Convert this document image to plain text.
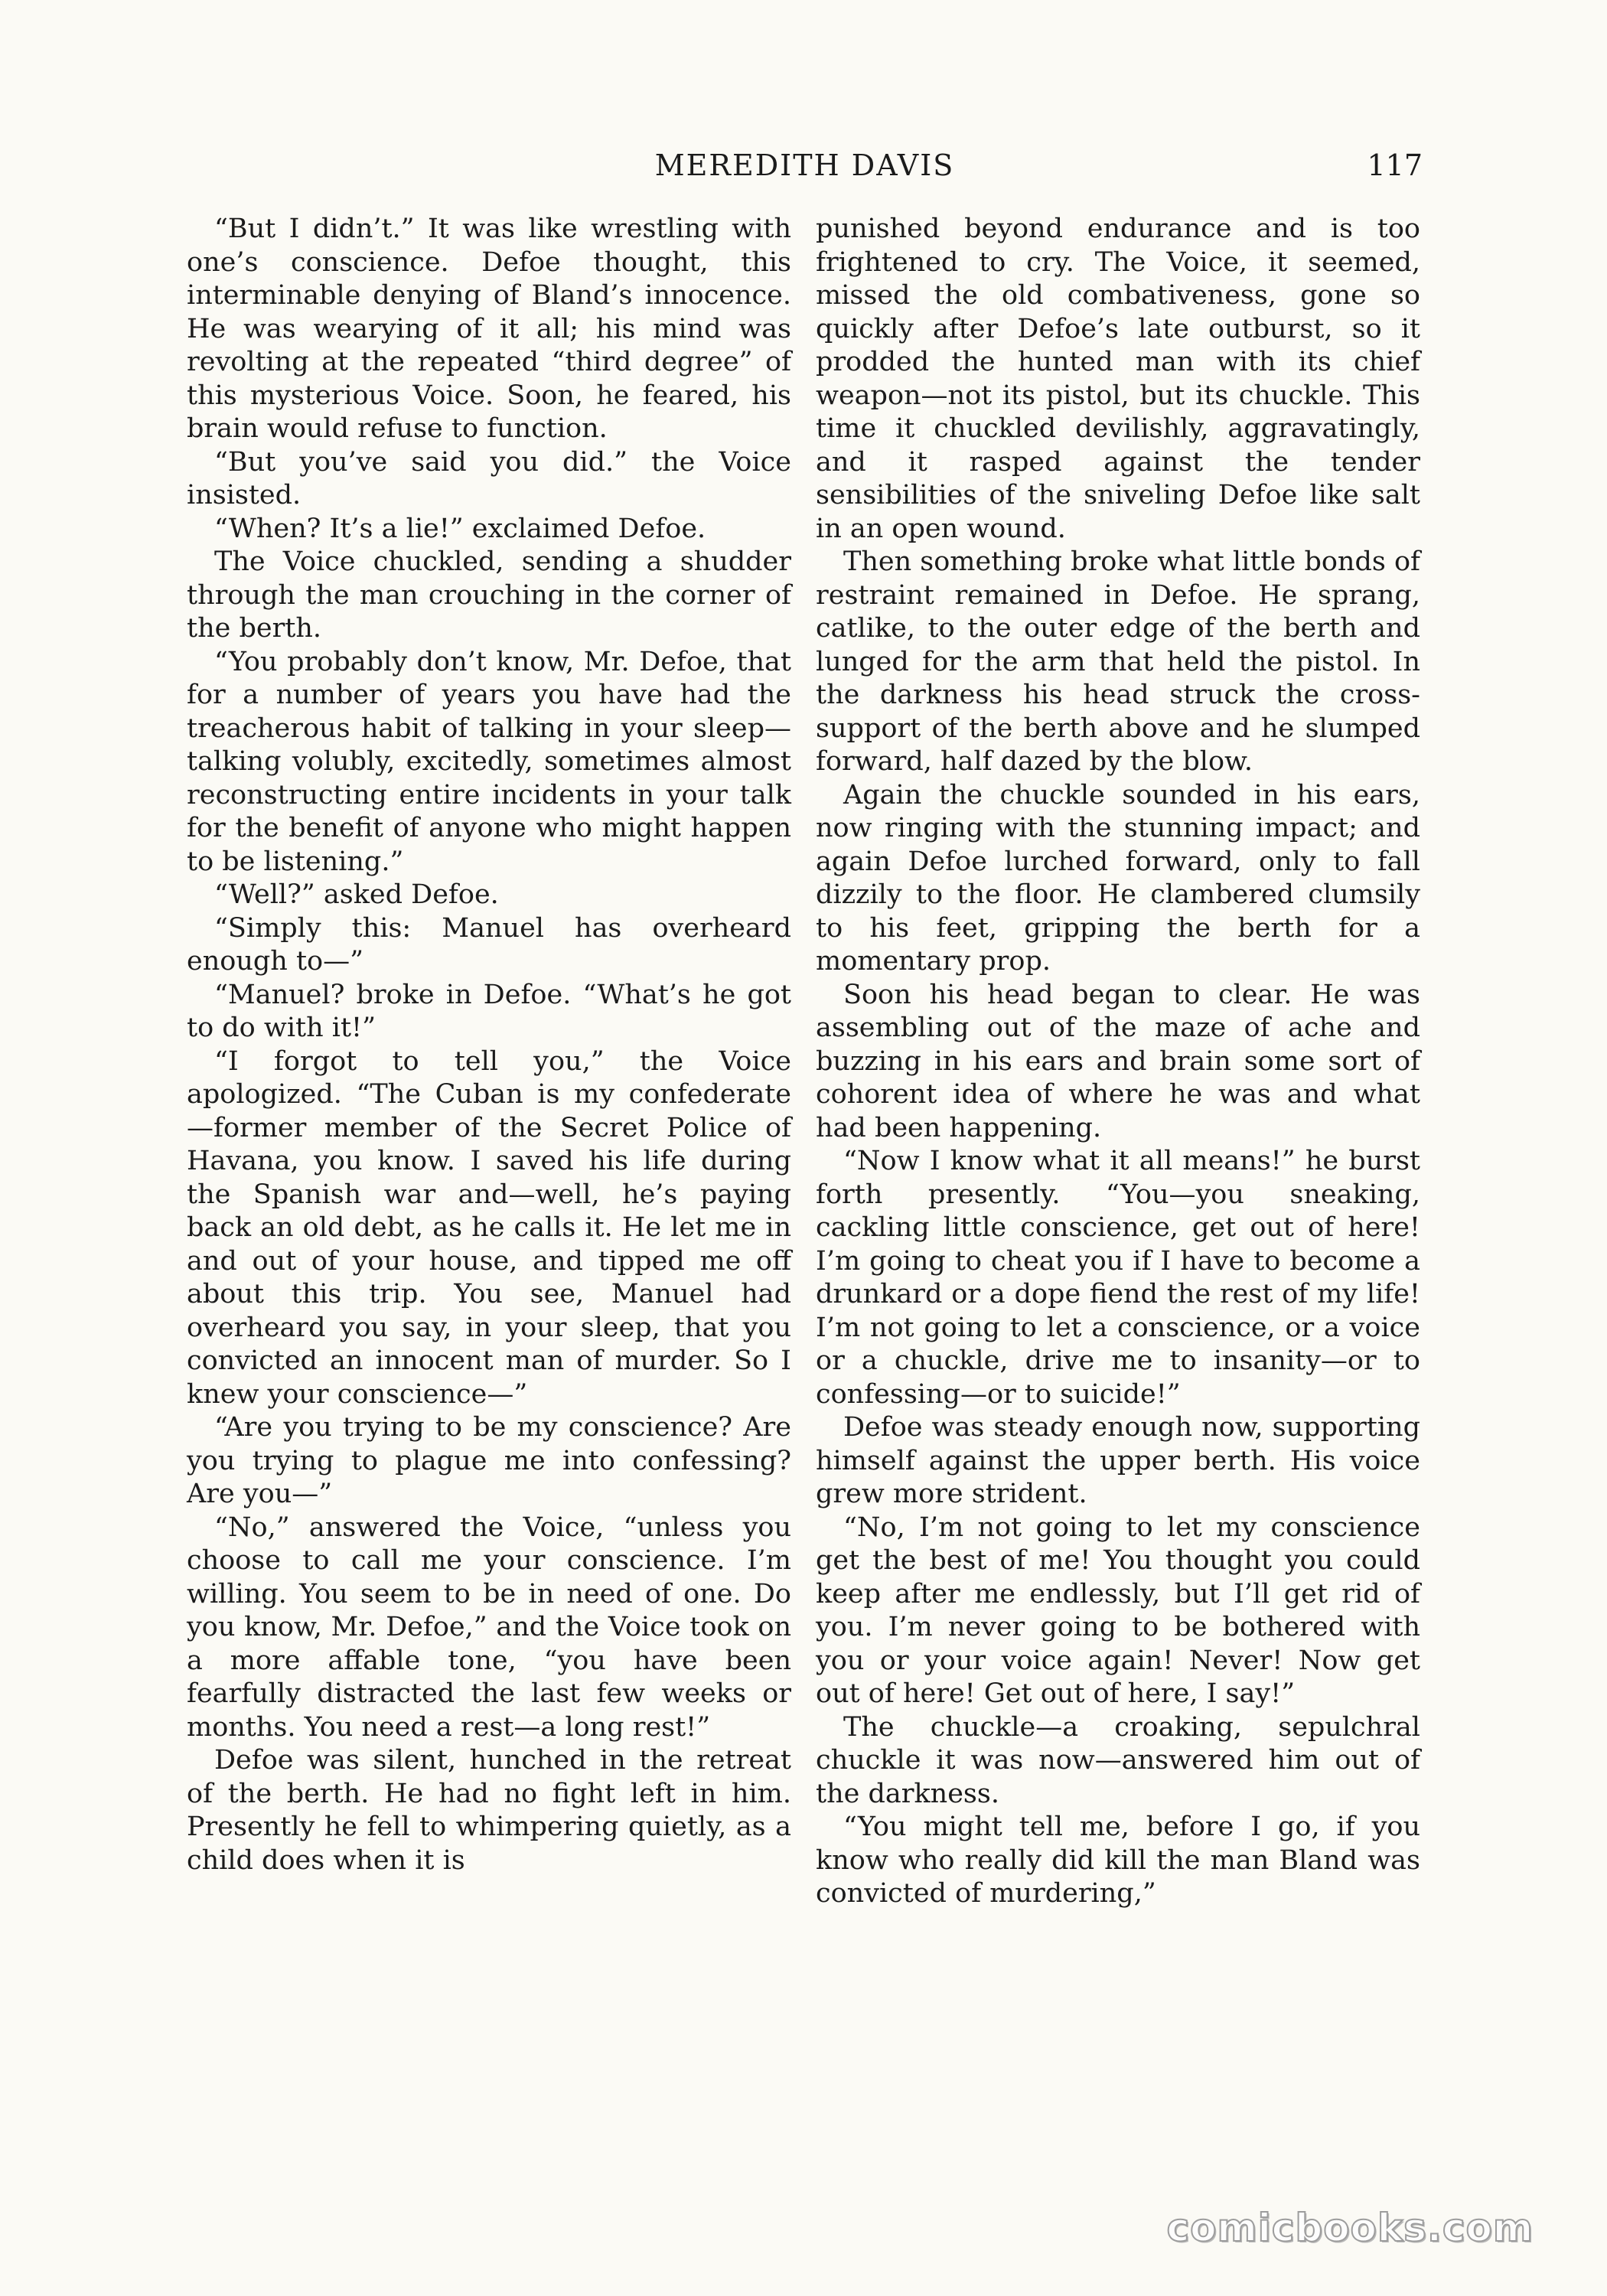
MEREDITH DAVIS	117

“But I didn’t.” It was like wrestling with one’s conscience. Defoe thought, this interminable denying of Bland’s innocence. He was wearying of it all; his mind was revolting at the repeated “third degree” of this mysterious Voice. Soon, he feared, his brain would refuse to function.

“But you’ve said you did.” the Voice insisted.

“When? It’s a lie!” exclaimed Defoe.

The Voice chuckled, sending a shudder through the man crouching in the corner of the berth.

“You probably don’t know, Mr. Defoe, that for a number of years you have had the treacherous habit of talking in your sleep—talking volubly, excitedly, sometimes almost reconstructing entire incidents in your talk for the benefit of anyone who might happen to be listening.”

“Well?” asked Defoe.

“Simply this: Manuel has overheard enough to—”

“Manuel? broke in Defoe. “What’s he got to do with it!”

“I forgot to tell you,” the Voice apologized. “The Cuban is my confederate —former member of the Secret Police of Havana, you know. I saved his life during the Spanish war and—well, he’s paying back an old debt, as he calls it. He let me in and out of your house, and tipped me off about this trip. You see, Manuel had overheard you say, in your sleep, that you convicted an innocent man of murder. So I knew your conscience—”

“Are you trying to be my conscience? Are you trying to plague me into confessing? Are you—”

“No,” answered the Voice, “unless you choose to call me your conscience. I’m willing. You seem to be in need of one. Do you know, Mr. Defoe,” and the Voice took on a more affable tone, “you have been fearfully distracted the last few weeks or months. You need a rest—a long rest!”

Defoe was silent, hunched in the retreat of the berth. He had no fight left in him. Presently he fell to whimpering quietly, as a child does when it is

punished beyond endurance and is too frightened to cry. The Voice, it seemed, missed the old combativeness, gone so quickly after Defoe’s late outburst, so it prodded the hunted man with its chief weapon—not its pistol, but its chuckle. This time it chuckled devilishly, aggravatingly, and it rasped against the tender sensibilities of the sniveling Defoe like salt in an open wound.

Then something broke what little bonds of restraint remained in Defoe. He sprang, catlike, to the outer edge of the berth and lunged for the arm that held the pistol. In the darkness his head struck the cross-support of the berth above and he slumped forward, half dazed by the blow.

Again the chuckle sounded in his ears, now ringing with the stunning impact; and again Defoe lurched forward, only to fall dizzily to the floor. He clambered clumsily to his feet, gripping the berth for a momentary prop.

Soon his head began to clear. He was assembling out of the maze of ache and buzzing in his ears and brain some sort of cohorent idea of where he was and what had been happening.

“Now I know what it all means!” he burst forth presently. “You—you sneaking, cackling little conscience, get out of here! I’m going to cheat you if I have to become a drunkard or a dope fiend the rest of my life! I’m not going to let a conscience, or a voice or a chuckle, drive me to insanity—or to confessing—or to suicide!”

Defoe was steady enough now, supporting himself against the upper berth. His voice grew more strident.

“No, I’m not going to let my conscience get the best of me! You thought you could keep after me endlessly, but I’ll get rid of you. I’m never going to be bothered with you or your voice again! Never! Now get out of here! Get out of here, I say!”

The chuckle—a croaking, sepulchral chuckle it was now—answered him out of the darkness.

“You might tell me, before I go, if you know who really did kill the man Bland was convicted of murdering,”

comicbooks.com
